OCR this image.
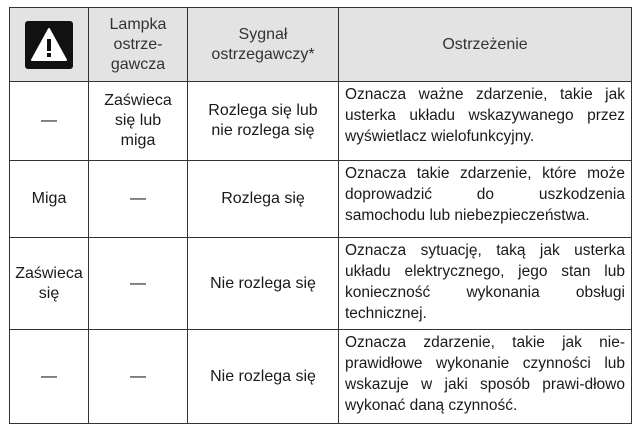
	Lampka
ostrze-
gawcza	Sygnał
ostrzegawczy*	Ostrzeżenie
—	Zaświeca
się lub
miga	Rozlega się lub
nie rozlega się	Oznacza ważne zdarzenie, takie jak usterka układu wskazywanego przez wyświetlacz wielofunkcyjny.
Miga	—	Rozlega się	Oznacza takie zdarzenie, które może doprowadzić do uszkodzenia samochodu lub niebezpieczeństwa.
Zaświeca
się	—	Nie rozlega się	Oznacza sytuację, taką jak usterka układu elektrycznego, jego stan lub konieczność wykonania obsługi technicznej.
—	—	Nie rozlega się	Oznacza zdarzenie, takie jak nie-prawidłowe wykonanie czynności lub wskazuje w jaki sposób prawi-dłowo wykonać daną czynność.
